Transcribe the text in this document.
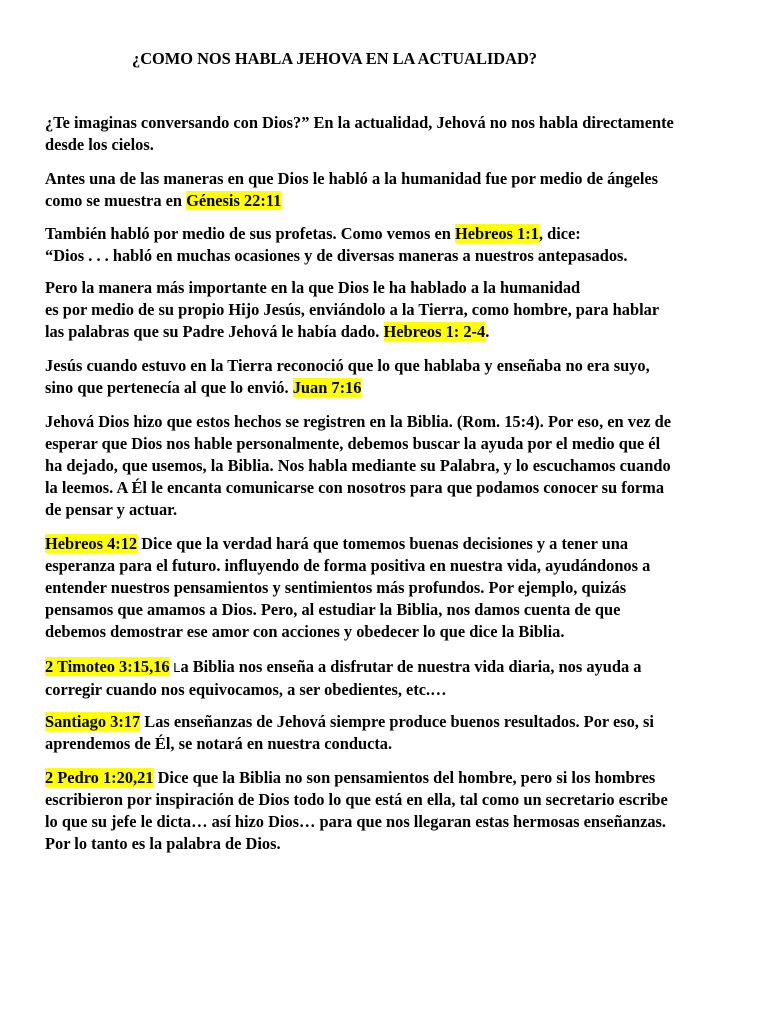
¿COMO NOS HABLA JEHOVA EN LA ACTUALIDAD?

¿Te imaginas conversando con Dios?” En la actualidad, Jehová no nos habla directamente
desde los cielos.

Antes una de las maneras en que Dios le habló a la humanidad fue por medio de ángeles
como se muestra en Génesis 22:11

También habló por medio de sus profetas. Como vemos en Hebreos 1:1, dice:
“Dios . . . habló en muchas ocasiones y de diversas maneras a nuestros antepasados.

Pero la manera más importante en la que Dios le ha hablado a la humanidad
es por medio de su propio Hijo Jesús, enviándolo a la Tierra, como hombre, para hablar
las palabras que su Padre Jehová le había dado. Hebreos 1: 2-4.

Jesús cuando estuvo en la Tierra reconoció que lo que hablaba y enseñaba no era suyo,
sino que pertenecía al que lo envió. Juan 7:16

Jehová Dios hizo que estos hechos se registren en la Biblia. (Rom. 15:4). Por eso, en vez de
esperar que Dios nos hable personalmente, debemos buscar la ayuda por el medio que él
ha dejado, que usemos, la Biblia. Nos habla mediante su Palabra, y lo escuchamos cuando
la leemos. A Él le encanta comunicarse con nosotros para que podamos conocer su forma
de pensar y actuar.

Hebreos 4:12 Dice que la verdad hará que tomemos buenas decisiones y a tener una
esperanza para el futuro. influyendo de forma positiva en nuestra vida, ayudándonos a
entender nuestros pensamientos y sentimientos más profundos. Por ejemplo, quizás
pensamos que amamos a Dios. Pero, al estudiar la Biblia, nos damos cuenta de que
debemos demostrar ese amor con acciones y obedecer lo que dice la Biblia.

2 Timoteo 3:15,16 La Biblia nos enseña a disfrutar de nuestra vida diaria, nos ayuda a
corregir cuando nos equivocamos, a ser obedientes, etc.…

Santiago 3:17 Las enseñanzas de Jehová siempre produce buenos resultados. Por eso, si
aprendemos de Él, se notará en nuestra conducta.

2 Pedro 1:20,21 Dice que la Biblia no son pensamientos del hombre, pero si los hombres
escribieron por inspiración de Dios todo lo que está en ella, tal como un secretario escribe
lo que su jefe le dicta… así hizo Dios… para que nos llegaran estas hermosas enseñanzas.
Por lo tanto es la palabra de Dios.
